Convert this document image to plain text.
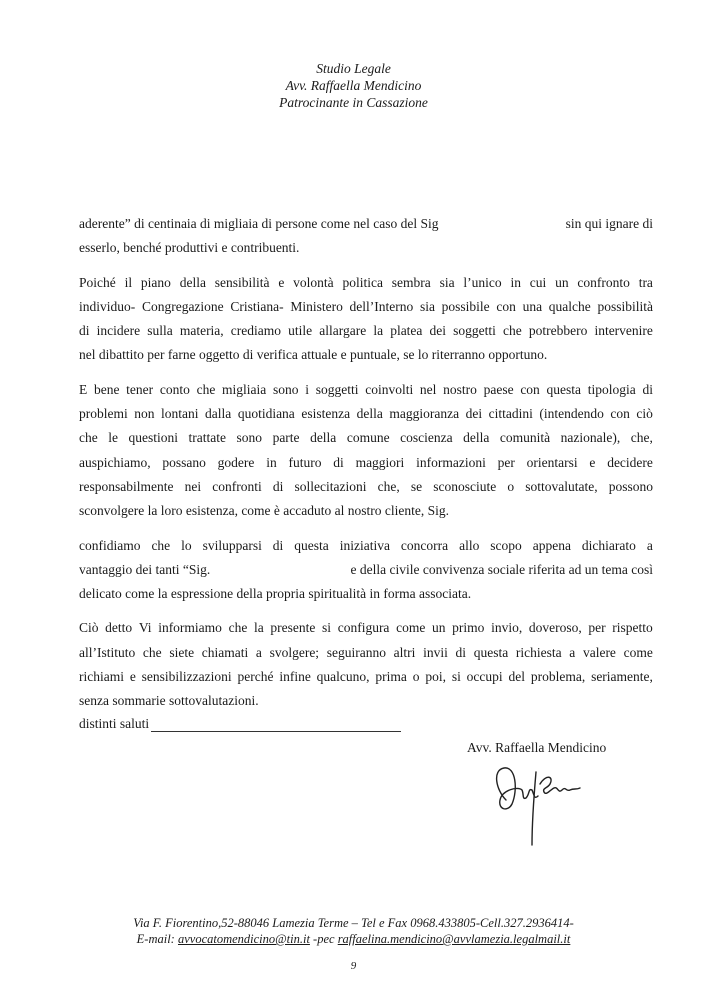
Studio Legale
Avv. Raffaella Mendicino
Patrocinante in Cassazione

aderente” di centinaia di migliaia di persone come nel caso del Sig	sin qui ignare di
esserlo, benché produttivi e contribuenti.

Poiché il piano della sensibilità e volontà politica sembra sia l’unico in cui un confronto tra
individuo- Congregazione Cristiana- Ministero dell’Interno sia possibile con una qualche possibilità
di incidere sulla materia, crediamo utile allargare la platea dei soggetti che potrebbero intervenire
nel dibattito per farne oggetto di verifica attuale e puntuale, se lo riterranno opportuno.

E bene tener conto che migliaia sono i soggetti coinvolti nel nostro paese con questa tipologia di
problemi non lontani dalla quotidiana esistenza della maggioranza dei cittadini (intendendo con ciò
che le questioni trattate sono parte della comune coscienza della comunità nazionale), che,
auspichiamo, possano godere in futuro di maggiori informazioni per orientarsi e decidere
responsabilmente nei confronti di sollecitazioni che, se sconosciute o sottovalutate, possono
sconvolgere la loro esistenza, come è accaduto al nostro cliente, Sig.

confidiamo che lo svilupparsi di questa iniziativa concorra allo scopo appena dichiarato a
vantaggio dei tanti “Sig.	e della civile convivenza sociale riferita ad un tema così
delicato come la espressione della propria spiritualità in forma associata.

Ciò detto Vi informiamo che la presente si configura come un primo invio, doveroso, per rispetto
all’Istituto che siete chiamati a svolgere; seguiranno altri invii di questa richiesta a valere come
richiami e sensibilizzazioni perché infine qualcuno, prima o poi, si occupi del problema, seriamente,
senza sommarie sottovalutazioni.

distinti saluti
Avv. Raffaella Mendicino
Via F. Fiorentino,52-88046 Lamezia Terme – Tel e Fax 0968.433805-Cell.327.2936414-
E-mail: avvocatomendicino@tin.it -pec raffaelina.mendicino@avvlamezia.legalmail.it
9
